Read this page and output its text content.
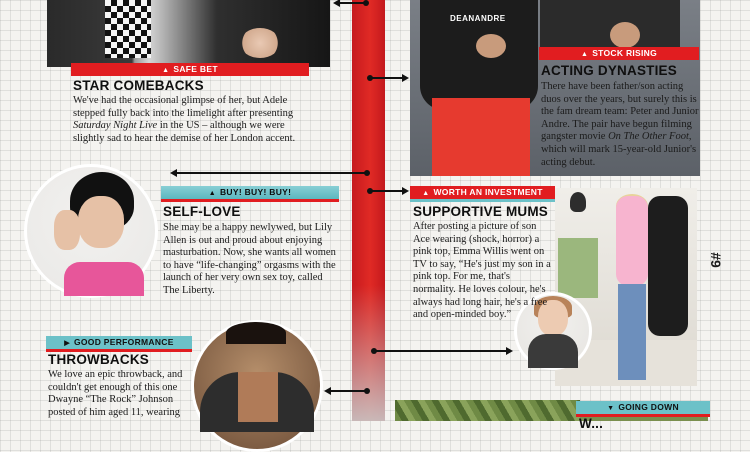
DEANANDRE
▲ SAFE BET
STAR COMEBACKS
We've had the occasional glimpse of her, but Adele stepped fully back into the limelight after presenting Saturday Night Live in the US – although we were slightly sad to hear the demise of her London accent.
▲ STOCK RISING
ACTING DYNASTIES
There have been father/son acting duos over the years, but surely this is the fam dream team: Peter and Junior Andre. The pair have begun filming gangster movie On The Other Foot, which will mark 15-year-old Junior's acting debut.
▲ BUY! BUY! BUY!
SELF-LOVE
She may be a happy newlywed, but Lily Allen is out and proud about enjoying masturbation. Now, she wants all women to have “life-changing” orgasms with the launch of her very own sex toy, called The Liberty.
▲ WORTH AN INVESTMENT
SUPPORTIVE MUMS
After posting a picture of son Ace wearing (shock, horror) a pink top, Emma Willis went on TV to say, “He's just my son in a pink top. For me, that's normality. He loves colour, he's always had long hair, he's a free and open-minded boy.”
▶ GOOD PERFORMANCE
THROWBACKS
We love an epic throwback, and couldn't get enough of this one Dwayne “The Rock” Johnson posted of him aged 11, wearing	▼ GOING DOWN
W...
#9
